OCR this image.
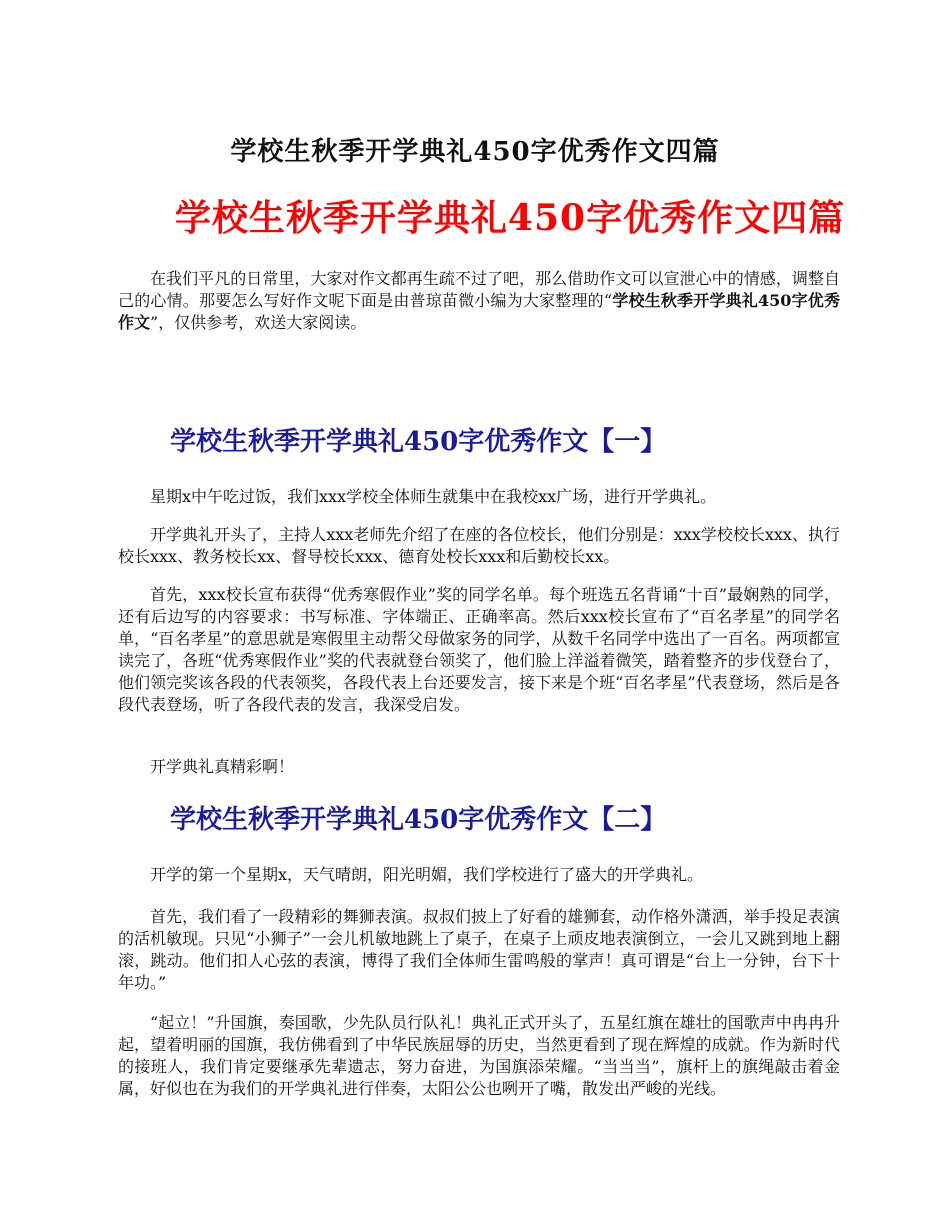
学校生秋季开学典礼450字优秀作文四篇
学校生秋季开学典礼450字优秀作文四篇

在我们平凡的日常里，大家对作文都再生疏不过了吧，那么借助作文可以宣泄心中的情感，调整自己的心情。那要怎么写好作文呢下面是由普琼苗微小编为大家整理的“学校生秋季开学典礼450字优秀作文”，仅供参考，欢送大家阅读。

学校生秋季开学典礼450字优秀作文【一】

星期x中午吃过饭，我们xxx学校全体师生就集中在我校xx广场，进行开学典礼。

开学典礼开头了，主持人xxx老师先介绍了在座的各位校长，他们分别是：xxx学校校长xxx、执行校长xxx、教务校长xx、督导校长xxx、德育处校长xxx和后勤校长xx。

首先，xxx校长宣布获得“优秀寒假作业”奖的同学名单。每个班选五名背诵“十百”最娴熟的同学，还有后边写的内容要求：书写标准、字体端正、正确率高。然后xxx校长宣布了“百名孝星”的同学名单，“百名孝星”的意思就是寒假里主动帮父母做家务的同学，从数千名同学中选出了一百名。两项都宣读完了，各班“优秀寒假作业”奖的代表就登台领奖了，他们脸上洋溢着微笑，踏着整齐的步伐登台了，他们领完奖该各段的代表领奖，各段代表上台还要发言，接下来是个班“百名孝星”代表登场，然后是各段代表登场，听了各段代表的发言，我深受启发。

开学典礼真精彩啊！

学校生秋季开学典礼450字优秀作文【二】

开学的第一个星期x，天气晴朗，阳光明媚，我们学校进行了盛大的开学典礼。

首先，我们看了一段精彩的舞狮表演。叔叔们披上了好看的雄狮套，动作格外潇洒，举手投足表演的活机敏现。只见“小狮子”一会儿机敏地跳上了桌子，在桌子上顽皮地表演倒立，一会儿又跳到地上翻滚，跳动。他们扣人心弦的表演，博得了我们全体师生雷鸣般的掌声！真可谓是“台上一分钟，台下十年功。”

“起立！”升国旗，奏国歌，少先队员行队礼！典礼正式开头了，五星红旗在雄壮的国歌声中冉冉升起，望着明丽的国旗，我仿佛看到了中华民族屈辱的历史，当然更看到了现在辉煌的成就。作为新时代的接班人，我们肯定要继承先辈遗志，努力奋进，为国旗添荣耀。“当当当”，旗杆上的旗绳敲击着金属，好似也在为我们的开学典礼进行伴奏，太阳公公也咧开了嘴，散发出严峻的光线。
